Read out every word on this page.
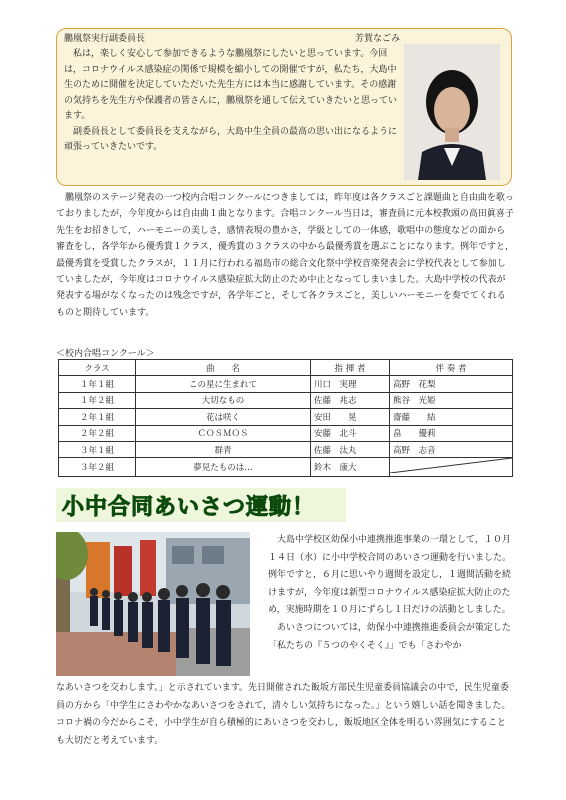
鵬凰祭実行副委員長	芳賀なごみ

私は，楽しく安心して参加できるような鵬凰祭にしたいと思っています。今回は，コロナウイルス感染症の関係で規模を縮小しての開催ですが，私たち，大島中生のために開催を決定していただいた先生方には本当に感謝しています。その感謝の気持ちを先生方や保護者の皆さんに，鵬凰祭を通して伝えていきたいと思っています。

副委員長として委員長を支えながら，大島中生全員の最高の思い出になるように頑張っていきたいです。

鵬凰祭のステージ発表の一つ校内合唱コンクールにつきましては，昨年度は各クラスごと課題曲と自由曲を歌っておりましたが，今年度からは自由曲１曲となります。合唱コンクール当日は，審査員に元本校教頭の高田眞喜子先生をお招きして，ハーモニーの美しさ，感情表現の豊かさ，学級としての一体感，歌唱中の態度などの面から審査をし，各学年から優秀賞１クラス，優秀賞の３クラスの中から最優秀賞を選ぶことになります。例年ですと，最優秀賞を受賞したクラスが，１１月に行われる福島市の総合文化祭中学校音楽発表会に学校代表として参加していましたが，今年度はコロナウイルス感染症拡大防止のため中止となってしまいました。大島中学校の代表が発表する場がなくなったのは残念ですが，各学年ごと，そして各クラスごと，美しいハーモニーを奏でてくれるものと期待しています。

＜校内合唱コンクール＞
クラス	曲　　名	指 揮 者	伴 奏 者
１年１組	この星に生まれて	川口　実理	高野　花梨
１年２組	大切なもの	佐藤　兆志	熊谷　光姫
２年１組	花は咲く	安田　　晃	齋藤　　結
２年２組	ＣＯＳＭＯＳ	安藤　北斗	畠　　優莉
３年１組	群青	佐藤　汰丸	高野　志音
３年２組	夢見たものは…	鈴木　康大	
小中合同あいさつ運動！

大島中学校区幼保小中連携推進事業の一環として，１０月１４日（水）に小中学校合同のあいさつ運動を行いました。例年ですと，６月に思いやり週間を設定し，１週間活動を続けますが，今年度は新型コロナウイルス感染症拡大防止のため，実施時期を１０月にずらし１日だけの活動としました。

あいさつについては，幼保小中連携推進委員会が策定した「私たちの『５つのやくそく』」でも「さわやか

なあいさつを交わします。」と示されています。先日開催された飯坂方部民生児童委員協議会の中で，民生児童委員の方から「中学生にさわやかなあいさつをされて，清々しい気持ちになった。」という嬉しい話を聞きました。コロナ禍の今だからこそ，小中学生が自ら積極的にあいさつを交わし，飯坂地区全体を明るい雰囲気にすることも大切だと考えています。
